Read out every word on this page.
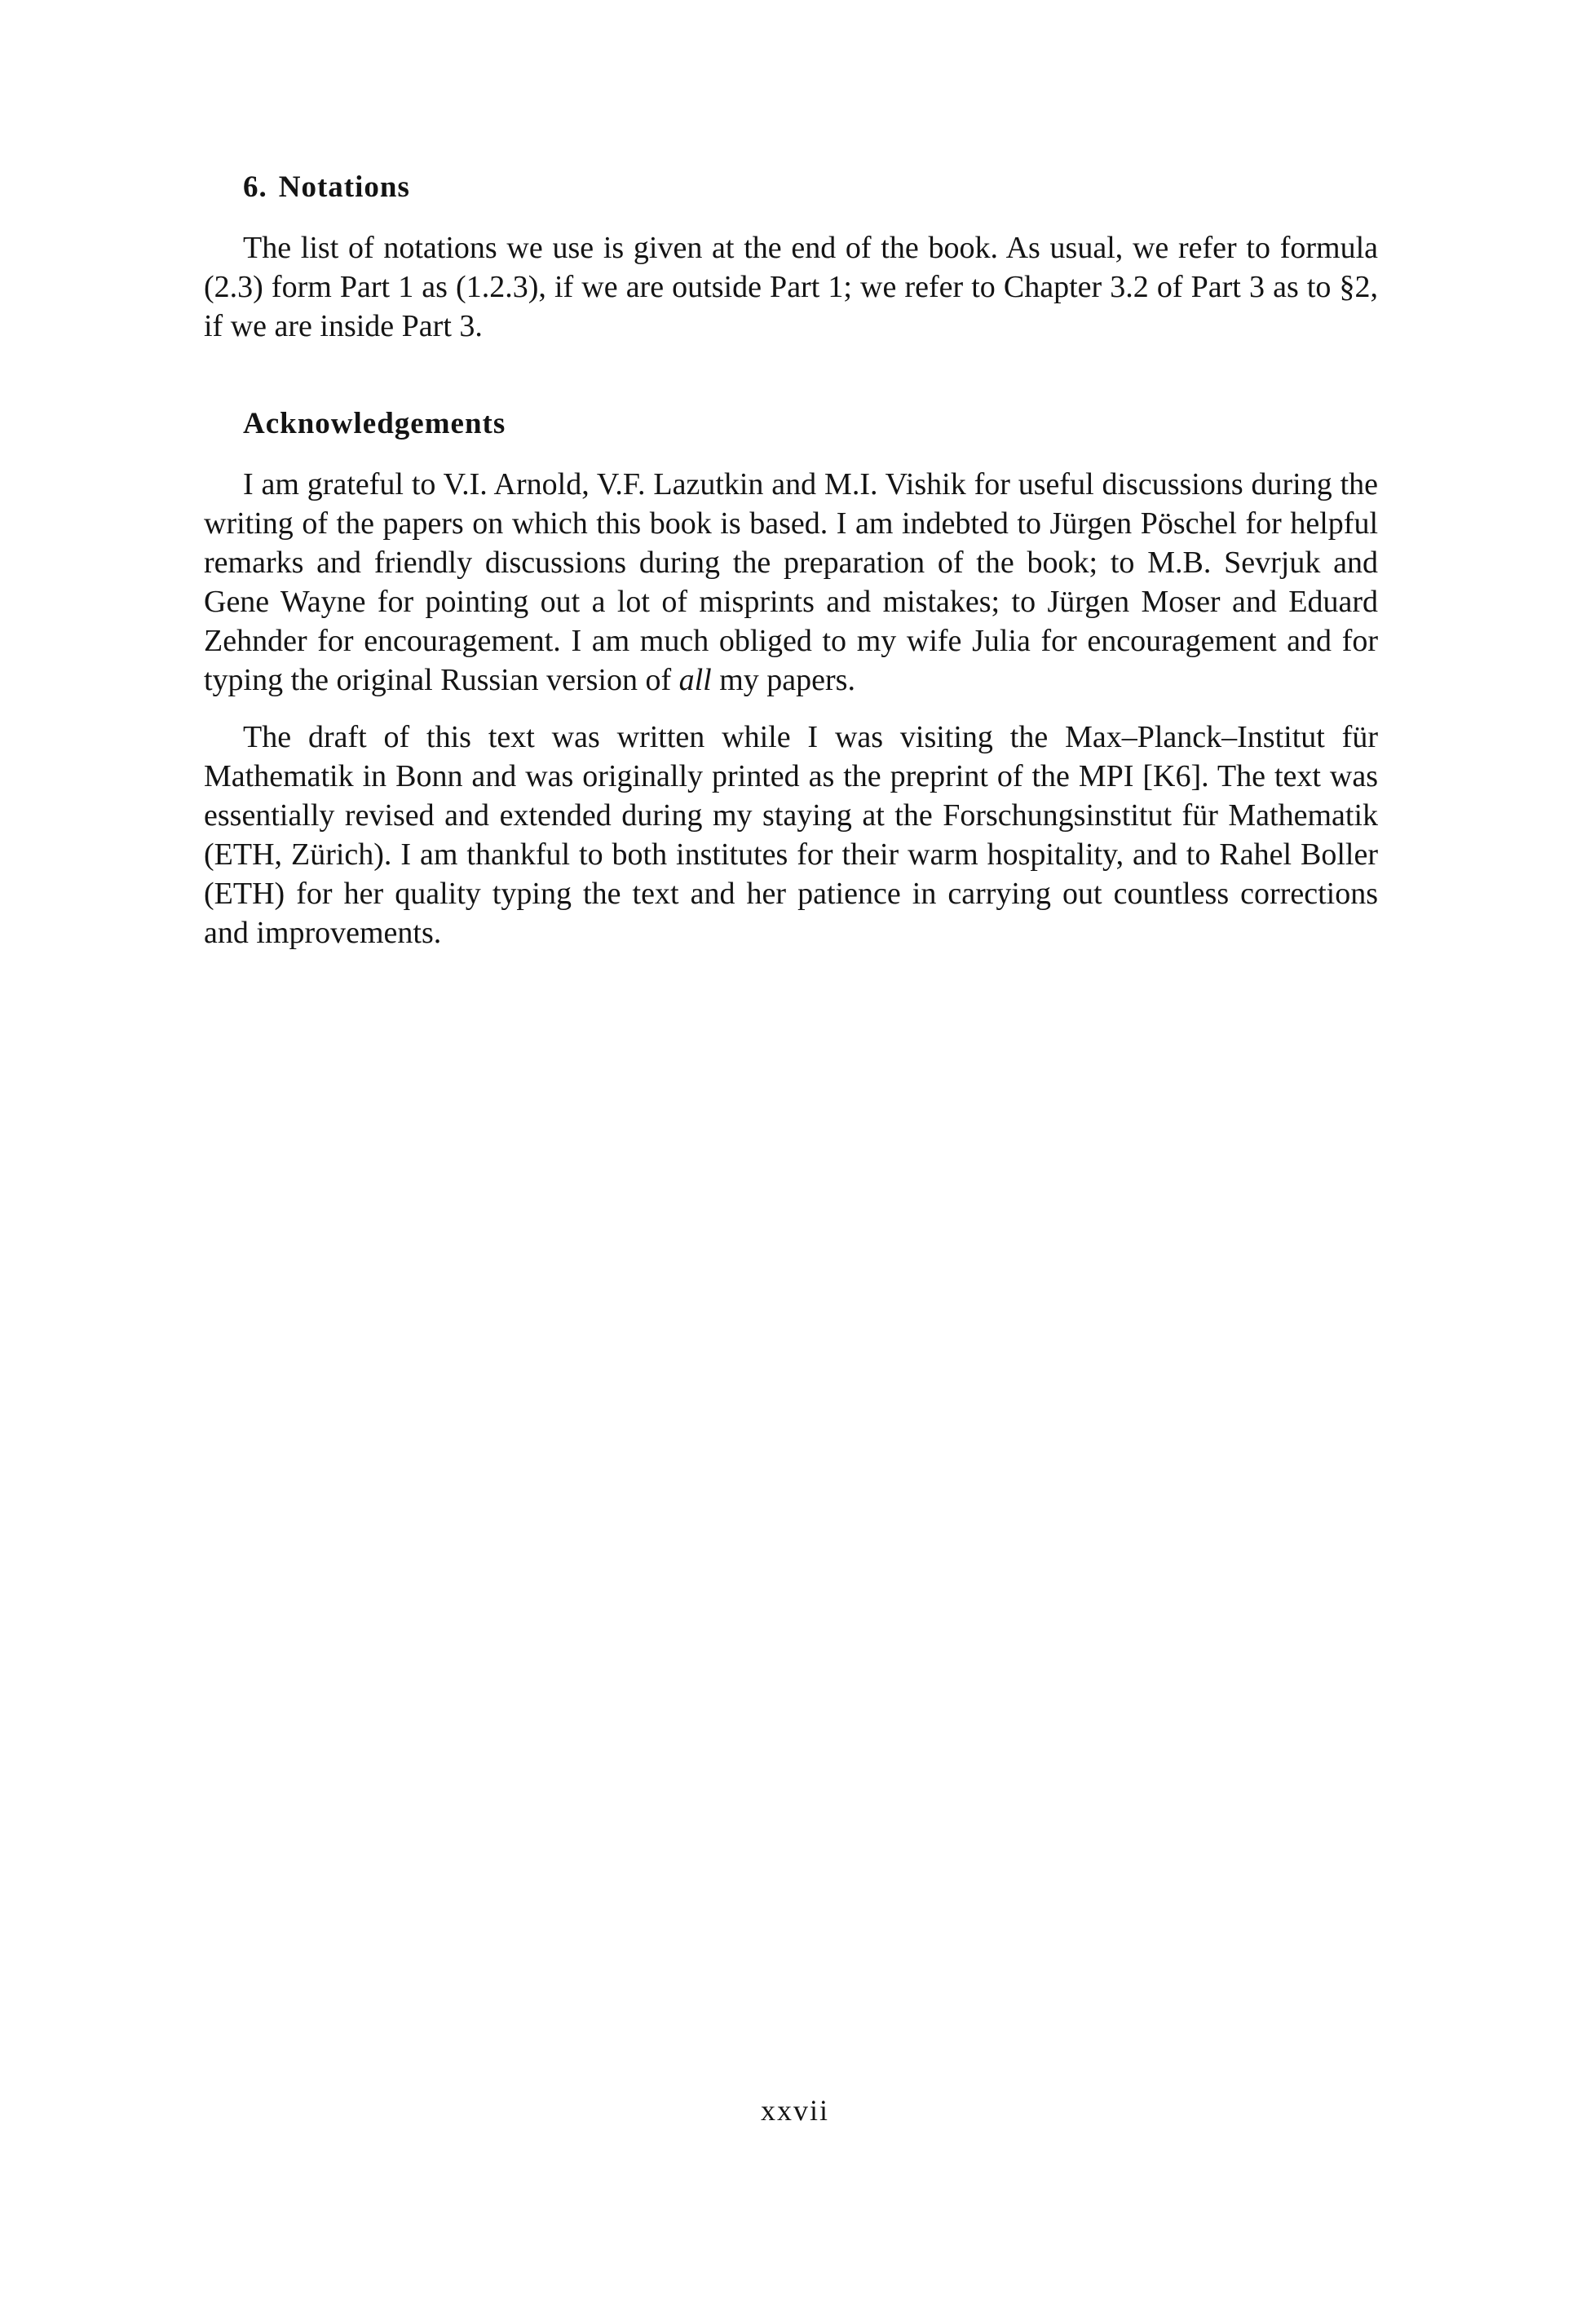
6. Notations

The list of notations we use is given at the end of the book. As usual, we refer to formula (2.3) form Part 1 as (1.2.3), if we are outside Part 1; we refer to Chapter 3.2 of Part 3 as to §2, if we are inside Part 3.

Acknowledgements

I am grateful to V.I. Arnold, V.F. Lazutkin and M.I. Vishik for useful discussions during the writing of the papers on which this book is based. I am indebted to Jürgen Pöschel for helpful remarks and friendly discussions during the preparation of the book; to M.B. Sevrjuk and Gene Wayne for pointing out a lot of misprints and mistakes; to Jürgen Moser and Eduard Zehnder for encouragement. I am much obliged to my wife Julia for encouragement and for typing the original Russian version of all my papers.

The draft of this text was written while I was visiting the Max–Planck–Institut für Mathematik in Bonn and was originally printed as the preprint of the MPI [K6]. The text was essentially revised and extended during my staying at the Forschungsinstitut für Mathematik (ETH, Zürich). I am thankful to both institutes for their warm hospitality, and to Rahel Boller (ETH) for her quality typing the text and her patience in carrying out countless corrections and improvements.

xxvii
